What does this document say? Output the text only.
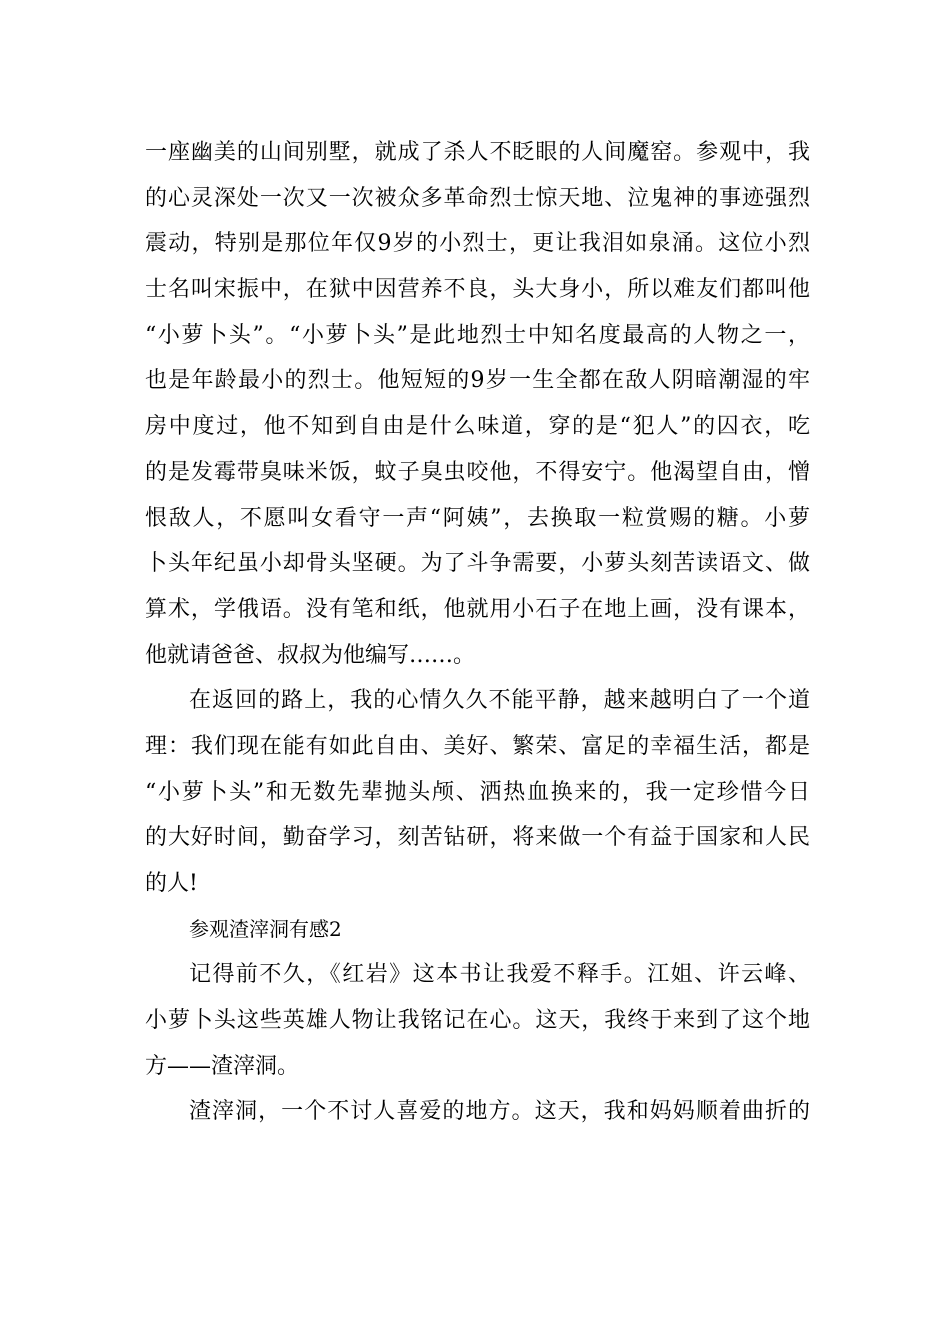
一座幽美的山间别墅，就成了杀人不眨眼的人间魔窑。参观中，我
的心灵深处一次又一次被众多革命烈士惊天地、泣鬼神的事迹强烈
震动，特别是那位年仅9岁的小烈士，更让我泪如泉涌。这位小烈
士名叫宋振中，在狱中因营养不良，头大身小，所以难友们都叫他
“小萝卜头”。“小萝卜头”是此地烈士中知名度最高的人物之一，
也是年龄最小的烈士。他短短的9岁一生全都在敌人阴暗潮湿的牢
房中度过，他不知到自由是什么味道，穿的是“犯人”的囚衣，吃
的是发霉带臭味米饭，蚊子臭虫咬他，不得安宁。他渴望自由，憎
恨敌人，不愿叫女看守一声“阿姨”，去换取一粒赏赐的糖。小萝
卜头年纪虽小却骨头坚硬。为了斗争需要，小萝头刻苦读语文、做
算术，学俄语。没有笔和纸，他就用小石子在地上画，没有课本，
他就请爸爸、叔叔为他编写……。
在返回的路上，我的心情久久不能平静，越来越明白了一个道
理：我们现在能有如此自由、美好、繁荣、富足的幸福生活，都是
“小萝卜头”和无数先辈抛头颅、洒热血换来的，我一定珍惜今日
的大好时间，勤奋学习，刻苦钻研，将来做一个有益于国家和人民
的人!
参观渣滓洞有感2
记得前不久，《红岩》这本书让我爱不释手。江姐、许云峰、
小萝卜头这些英雄人物让我铭记在心。这天，我终于来到了这个地
方——渣滓洞。
渣滓洞，一个不讨人喜爱的地方。这天，我和妈妈顺着曲折的
